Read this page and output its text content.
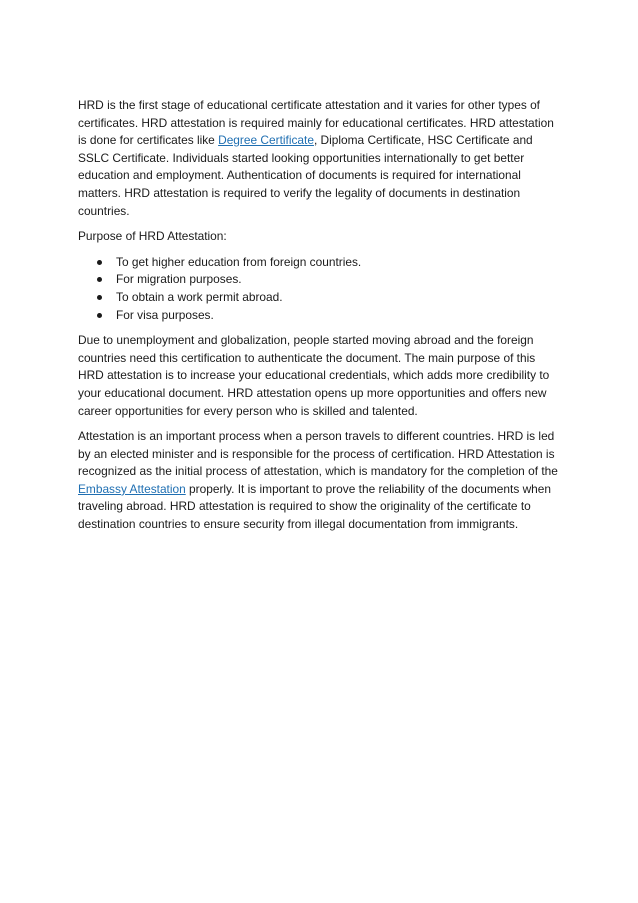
HRD is the first stage of educational certificate attestation and it varies for other types of certificates. HRD attestation is required mainly for educational certificates. HRD attestation is done for certificates like Degree Certificate, Diploma Certificate, HSC Certificate and SSLC Certificate. Individuals started looking opportunities internationally to get better education and employment. Authentication of documents is required for international matters. HRD attestation is required to verify the legality of documents in destination countries.

Purpose of HRD Attestation:

To get higher education from foreign countries.
For migration purposes.
To obtain a work permit abroad.
For visa purposes.

Due to unemployment and globalization, people started moving abroad and the foreign countries need this certification to authenticate the document. The main purpose of this HRD attestation is to increase your educational credentials, which adds more credibility to your educational document. HRD attestation opens up more opportunities and offers new career opportunities for every person who is skilled and talented.

Attestation is an important process when a person travels to different countries. HRD is led by an elected minister and is responsible for the process of certification. HRD Attestation is recognized as the initial process of attestation, which is mandatory for the completion of the Embassy Attestation properly. It is important to prove the reliability of the documents when traveling abroad. HRD attestation is required to show the originality of the certificate to destination countries to ensure security from illegal documentation from immigrants.
